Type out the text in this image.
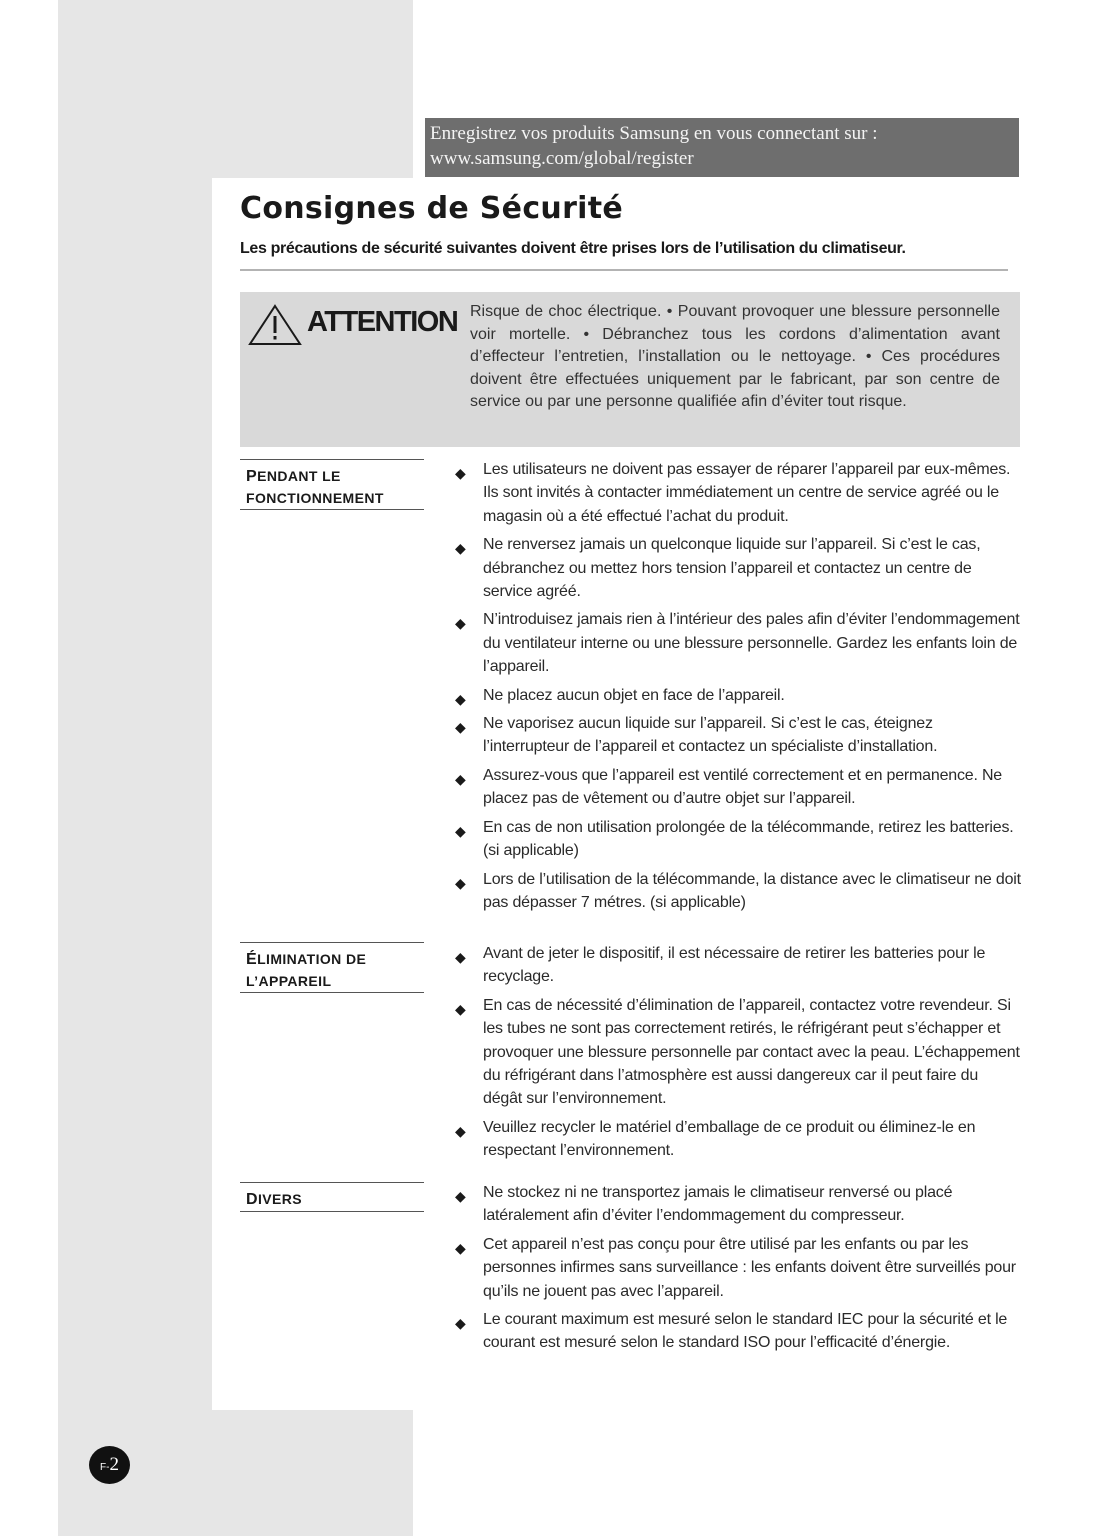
Enregistrez vos produits Samsung en vous connectant sur :
www.samsung.com/global/register
Consignes de Sécurité
Les précautions de sécurité suivantes doivent être prises lors de l’utilisation du climatiseur.
ATTENTION Risque de choc électrique. • Pouvant provoquer une blessure personnelle voir mortelle. • Débranchez tous les cordons d’alimentation avant d’effecteur l’entretien, l’installation ou le nettoyage. • Ces procédures doivent être effectuées uniquement par le fabricant, par son centre de service ou par une personne qualifiée afin d’éviter tout risque.
PENDANT LE
FONCTIONNEMENT
◆ Les utilisateurs ne doivent pas essayer de réparer l’appareil par eux-mêmes. Ils sont invités à contacter immédiatement un centre de service agréé ou le magasin où a été effectué l’achat du produit.
◆ Ne renversez jamais un quelconque liquide sur l’appareil. Si c’est le cas, débranchez ou mettez hors tension l’appareil et contactez un centre de service agréé.
◆ N’introduisez jamais rien à l’intérieur des pales afin d’éviter l’endommagement du ventilateur interne ou une blessure personnelle. Gardez les enfants loin de l’appareil.
◆ Ne placez aucun objet en face de l’appareil.
◆ Ne vaporisez aucun liquide sur l’appareil. Si c’est le cas, éteignez l’interrupteur de l’appareil et contactez un spécialiste d’installation.
◆ Assurez-vous que l’appareil est ventilé correctement et en permanence. Ne placez pas de vêtement ou d’autre objet sur l’appareil.
◆ En cas de non utilisation prolongée de la télécommande, retirez les batteries. (si applicable)
◆ Lors de l’utilisation de la télécommande, la distance avec le climatiseur ne doit pas dépasser 7 métres. (si applicable)
ÉLIMINATION DE
L’APPAREIL
◆ Avant de jeter le dispositif, il est nécessaire de retirer les batteries pour le recyclage.
◆ En cas de nécessité d’élimination de l’appareil, contactez votre revendeur. Si les tubes ne sont pas correctement retirés, le réfrigérant peut s’échapper et provoquer une blessure personnelle par contact avec la peau. L’échappement du réfrigérant dans l’atmosphère est aussi dangereux car il peut faire du dégât sur l’environnement.
◆ Veuillez recycler le matériel d’emballage de ce produit ou éliminez-le en respectant l’environnement.
DIVERS	◆ Ne stockez ni ne transportez jamais le climatiseur renversé ou placé latéralement afin d’éviter l’endommagement du compresseur.
◆ Cet appareil n’est pas conçu pour être utilisé par les enfants ou par les personnes infirmes sans surveillance : les enfants doivent être surveillés pour qu’ils ne jouent pas avec l’appareil.
◆ Le courant maximum est mesuré selon le standard IEC pour la sécurité et le courant est mesuré selon le standard ISO pour l’efficacité d’énergie.
F-2
